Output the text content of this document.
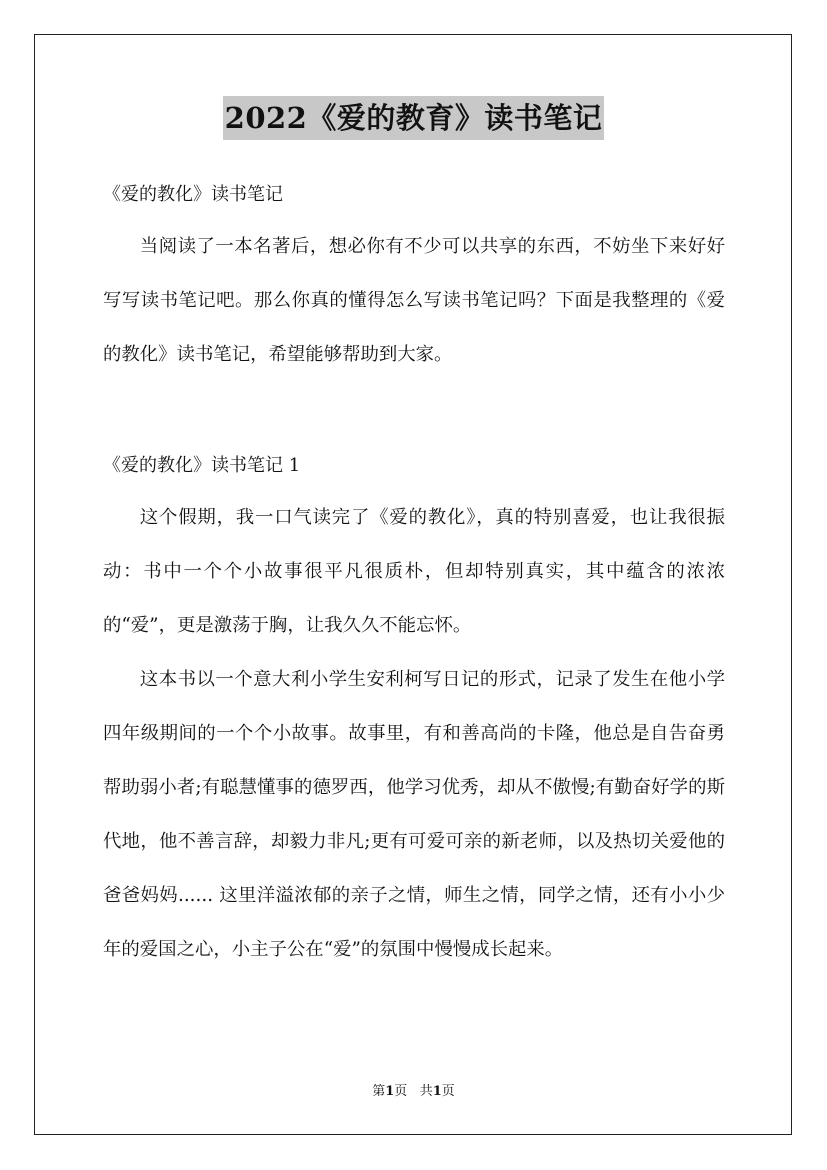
2022《爱的教育》读书笔记

《爱的教化》读书笔记

当阅读了一本名著后，想必你有不少可以共享的东西，不妨坐下来好好写写读书笔记吧。那么你真的懂得怎么写读书笔记吗？下面是我整理的《爱的教化》读书笔记，希望能够帮助到大家。

《爱的教化》读书笔记 1

这个假期，我一口气读完了《爱的教化》，真的特别喜爱，也让我很振动：书中一个个小故事很平凡很质朴，但却特别真实，其中蕴含的浓浓的“爱”，更是激荡于胸，让我久久不能忘怀。

这本书以一个意大利小学生安利柯写日记的形式，记录了发生在他小学四年级期间的一个个小故事。故事里，有和善高尚的卡隆，他总是自告奋勇帮助弱小者;有聪慧懂事的德罗西，他学习优秀，却从不傲慢;有勤奋好学的斯代地，他不善言辞，却毅力非凡;更有可爱可亲的新老师，以及热切关爱他的爸爸妈妈...... 这里洋溢浓郁的亲子之情，师生之情，同学之情，还有小小少年的爱国之心，小主子公在“爱”的氛围中慢慢成长起来。

第1页   共1页
